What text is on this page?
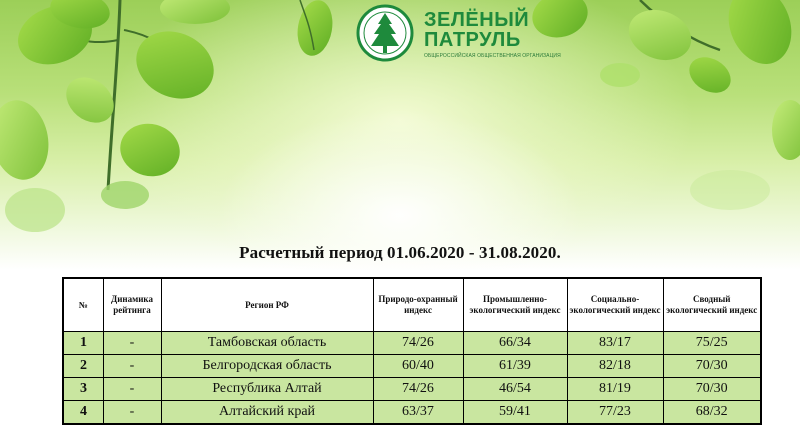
ЗЕЛЁНЫЙ
ПАТРУЛЬ
ОБЩЕРОССИЙСКАЯ ОБЩЕСТВЕННАЯ ОРГАНИЗАЦИЯ
Расчетный период 01.06.2020 - 31.08.2020.
№	Динамика рейтинга	Регион РФ	Природо-охранный индекс	Промышленно-экологический индекс	Социально-экологический индекс	Сводный экологический индекс
1	-	Тамбовская область	74/26	66/34	83/17	75/25
2	-	Белгородская область	60/40	61/39	82/18	70/30
3	-	Республика Алтай	74/26	46/54	81/19	70/30
4	-	Алтайский край	63/37	59/41	77/23	68/32
